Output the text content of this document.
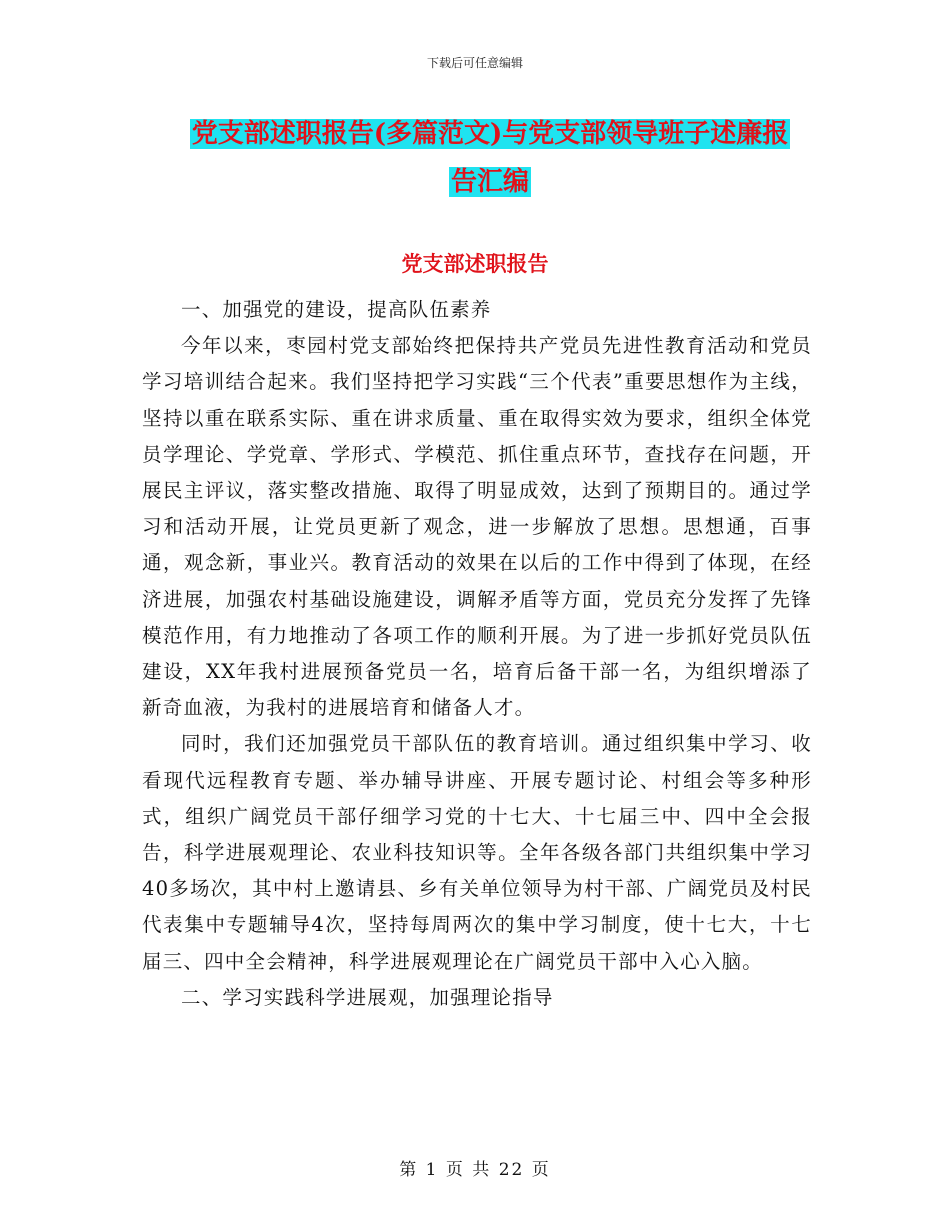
下载后可任意编辑
党支部述职报告(多篇范文)与党支部领导班子述廉报
告汇编
党支部述职报告

一、加强党的建设，提高队伍素养

今年以来，枣园村党支部始终把保持共产党员先进性教育活动和党员学习培训结合起来。我们坚持把学习实践“三个代表”重要思想作为主线，坚持以重在联系实际、重在讲求质量、重在取得实效为要求，组织全体党员学理论、学党章、学形式、学模范、抓住重点环节，查找存在问题，开展民主评议，落实整改措施、取得了明显成效，达到了预期目的。通过学习和活动开展，让党员更新了观念，进一步解放了思想。思想通，百事通，观念新，事业兴。教育活动的效果在以后的工作中得到了体现，在经济进展，加强农村基础设施建设，调解矛盾等方面，党员充分发挥了先锋模范作用，有力地推动了各项工作的顺利开展。为了进一步抓好党员队伍建设，XX年我村进展预备党员一名，培育后备干部一名，为组织增添了新奇血液，为我村的进展培育和储备人才。

同时，我们还加强党员干部队伍的教育培训。通过组织集中学习、收看现代远程教育专题、举办辅导讲座、开展专题讨论、村组会等多种形式，组织广阔党员干部仔细学习党的十七大、十七届三中、四中全会报告，科学进展观理论、农业科技知识等。全年各级各部门共组织集中学习40多场次，其中村上邀请县、乡有关单位领导为村干部、广阔党员及村民代表集中专题辅导4次，坚持每周两次的集中学习制度，使十七大，十七届三、四中全会精神，科学进展观理论在广阔党员干部中入心入脑。

二、学习实践科学进展观，加强理论指导

第 1 页 共 22 页
